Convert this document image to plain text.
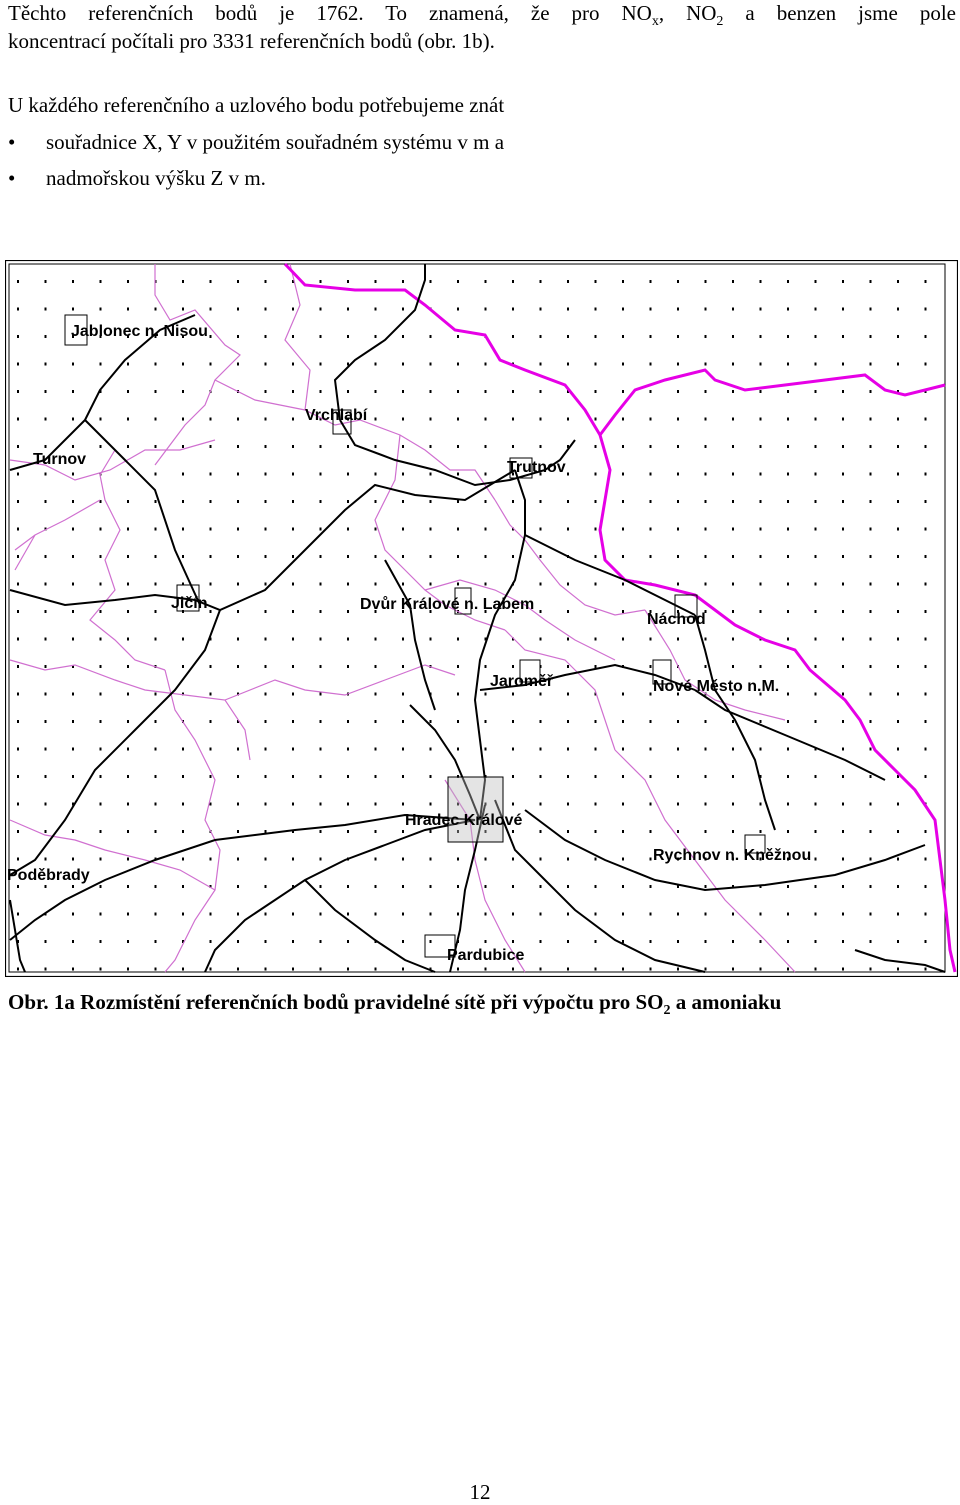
Těchto referenčních bodů je 1762. To znamená, že pro $NO_x$, $NO_2$ a benzen jsme pole
koncentrací počítali pro 3331 referenčních bodů (obr. 1b).
U každého referenčního a uzlového bodu potřebujeme znát
• souřadnice X, Y v použitém souřadném systému v m a
• nadmořskou výšku Z v m.
Jablonec n. Nisou
Vrchlabí
Turnov	Trutnov
Jičín	Dvůr Králové n. Labem
Náchod
Jaroměř	Nové Město n.M.
Hradec Králové
Rychnov n. Kněžnou
Poděbrady
Pardubice
Obr. 1a Rozmístění referenčních bodů pravidelné sítě při výpočtu pro $SO_2$ a amoniaku
12
